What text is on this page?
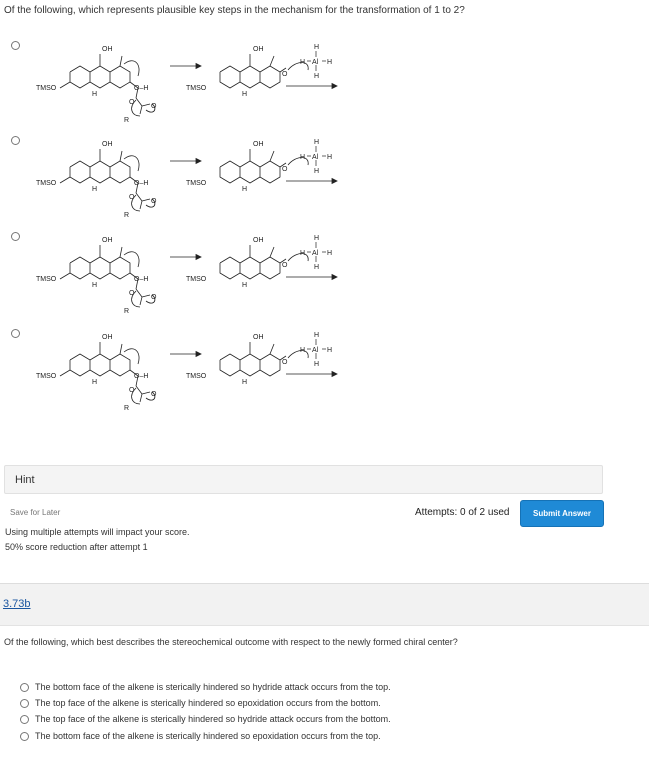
Of the following, which represents plausible key steps in the mechanism for the transformation of 1 to 2?
OH
TMSO
H
O–H
O
O
R
OH
TMSO
H
O
H
H Al H
H
OH
TMSO
H
O–H
O
O
R
OH
TMSO
H
O
H
H Al H
H
OH
TMSO
H
O–H
O
O
R
OH
TMSO
H
O
H
H Al H
H
OH
TMSO
H
O–H
O
O
R
OH
TMSO
H
O
H
H Al H
H
Hint
Save for Later	Attempts: 0 of 2 used	Submit Answer
Using multiple attempts will impact your score.
50% score reduction after attempt 1
3.73b
Of the following, which best describes the stereochemical outcome with respect to the newly formed chiral center?
The bottom face of the alkene is sterically hindered so hydride attack occurs from the top.
The top face of the alkene is sterically hindered so epoxidation occurs from the bottom.
The top face of the alkene is sterically hindered so hydride attack occurs from the bottom.
The bottom face of the alkene is sterically hindered so epoxidation occurs from the top.
